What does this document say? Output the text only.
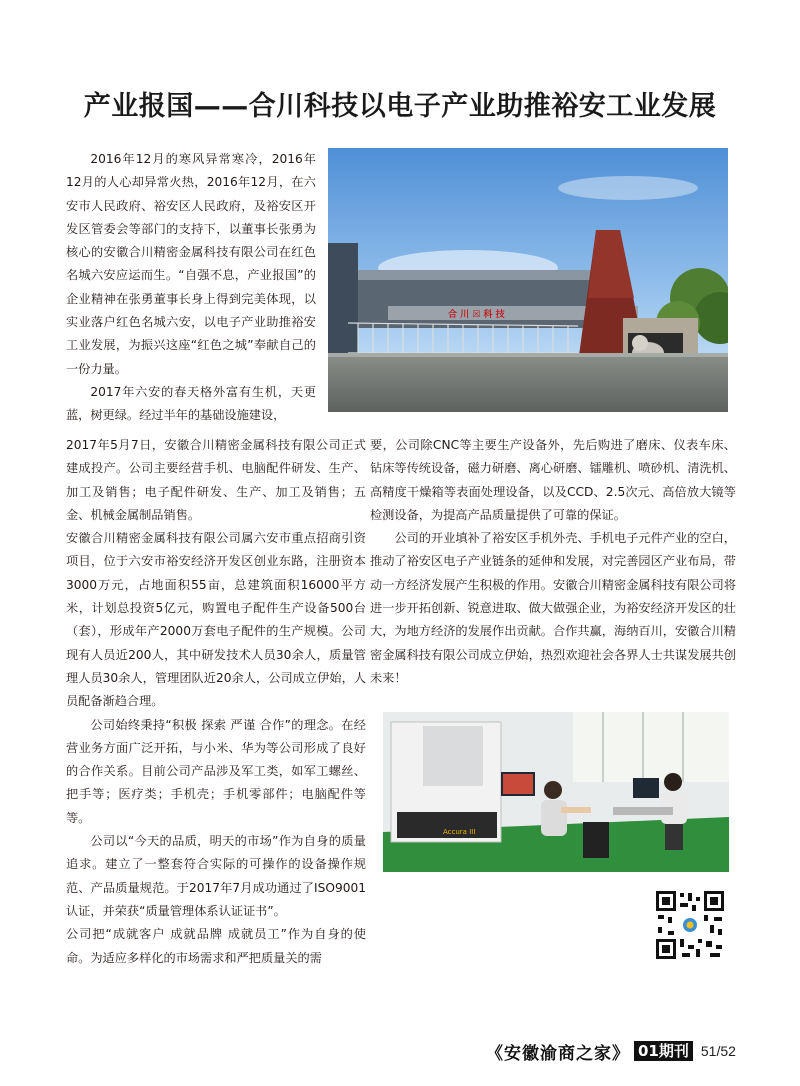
产业报国——合川科技以电子产业助推裕安工业发展

2016年12月的寒风异常寒冷，2016年12月的人心却异常火热，2016年12月，在六安市人民政府、裕安区人民政府，及裕安区开发区管委会等部门的支持下，以董事长张勇为核心的安徽合川精密金属科技有限公司在红色名城六安应运而生。“自强不息，产业报国”的企业精神在张勇董事长身上得到完美体现，以实业落户红色名城六安，以电子产业助推裕安工业发展，为振兴这座“红色之城”奉献自己的一份力量。

2017年六安的春天格外富有生机，天更蓝，树更绿。经过半年的基础设施建设，

合 川 ☒ 科 技

2017年5月7日，安徽合川精密金属科技有限公司正式建成投产。公司主要经营手机、电脑配件研发、生产、加工及销售；电子配件研发、生产、加工及销售；五金、机械金属制品销售。

安徽合川精密金属科技有限公司属六安市重点招商引资项目，位于六安市裕安经济开发区创业东路，注册资本3000万元，占地面积55亩，总建筑面积16000平方米，计划总投资5亿元，购置电子配件生产设备500台（套），形成年产2000万套电子配件的生产规模。公司现有人员近200人，其中研发技术人员30余人，质量管理人员30余人，管理团队近20余人，公司成立伊始，人员配备渐趋合理。

公司始终秉持“积极 探索 严谨 合作”的理念。在经营业务方面广泛开拓，与小米、华为等公司形成了良好的合作关系。目前公司产品涉及军工类，如军工螺丝、把手等；医疗类；手机壳；手机零部件；电脑配件等等。

公司以“今天的品质，明天的市场”作为自身的质量追求。建立了一整套符合实际的可操作的设备操作规范、产品质量规范。于2017年7月成功通过了ISO9001认证，并荣获“质量管理体系认证证书”。

公司把“成就客户 成就品牌 成就员工”作为自身的使命。为适应多样化的市场需求和严把质量关的需

要，公司除CNC等主要生产设备外，先后购进了磨床、仪表车床、钻床等传统设备，磁力研磨、离心研磨、镭雕机、喷砂机、清洗机、高精度干燥箱等表面处理设备，以及CCD、2.5次元、高倍放大镜等检测设备，为提高产品质量提供了可靠的保证。

公司的开业填补了裕安区手机外壳、手机电子元件产业的空白，推动了裕安区电子产业链条的延伸和发展，对完善园区产业布局，带动一方经济发展产生积极的作用。安徽合川精密金属科技有限公司将进一步开拓创新、锐意进取、做大做强企业，为裕安经济开发区的壮大，为地方经济的发展作出贡献。合作共赢，海纳百川，安徽合川精密金属科技有限公司成立伊始，热烈欢迎社会各界人士共谋发展共创未来！

Accura III
《安徽渝商之家》 01期刊 51/52
